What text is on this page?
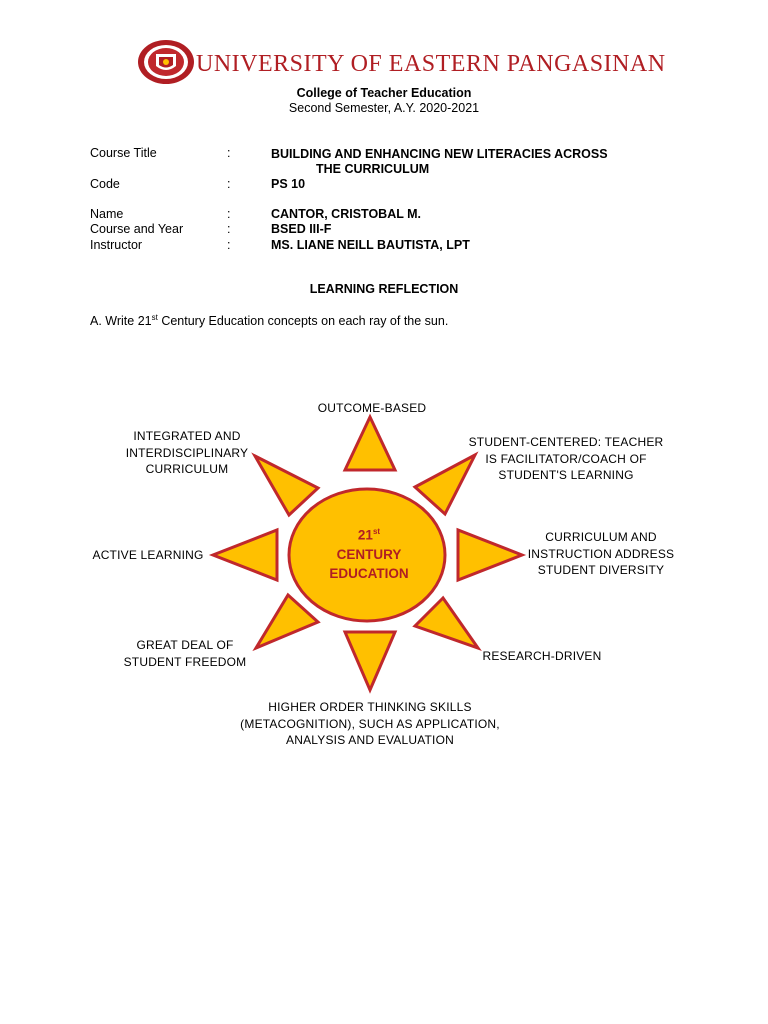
UNIVERSITY OF EASTERN PANGASINAN
College of Teacher Education
Second Semester, A.Y. 2020-2021
Course Title	:	BUILDING AND ENHANCING NEW LITERACIES ACROSS
THE CURRICULUM
Code	:	PS 10
Name	:	CANTOR, CRISTOBAL M.
Course and Year	:	BSED III-F
Instructor	:	MS. LIANE NEILL BAUTISTA, LPT
LEARNING REFLECTION
A. Write 21st Century Education concepts on each ray of the sun.
21st
CENTURY
EDUCATION
OUTCOME-BASED
STUDENT-CENTERED: TEACHER
IS FACILITATOR/COACH OF
STUDENT'S LEARNING
CURRICULUM AND
INSTRUCTION ADDRESS
STUDENT DIVERSITY
RESEARCH-DRIVEN
HIGHER ORDER THINKING SKILLS
(METACOGNITION), SUCH AS APPLICATION,
ANALYSIS AND EVALUATION
GREAT DEAL OF
STUDENT FREEDOM
ACTIVE LEARNING
INTEGRATED AND
INTERDISCIPLINARY
CURRICULUM
